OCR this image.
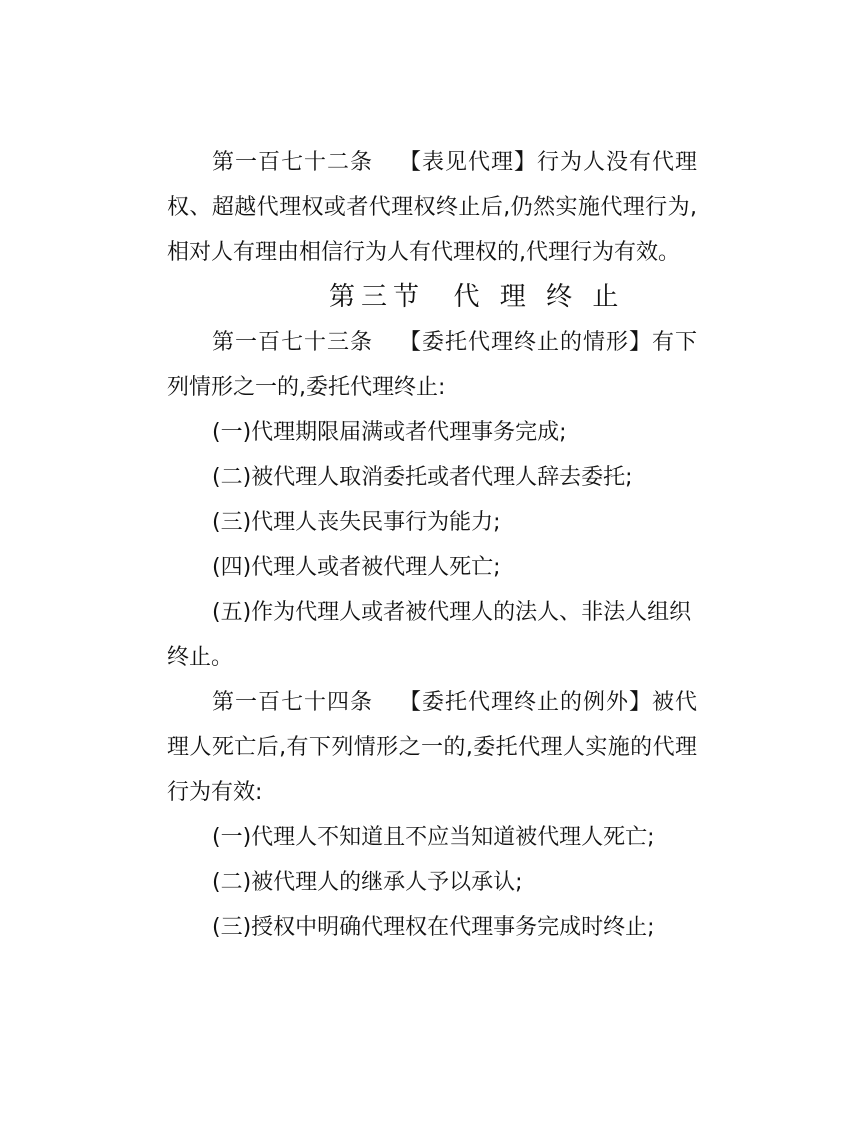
第一百七十二条 【表见代理】行为人没有代理权、超越代理权或者代理权终止后,仍然实施代理行为,相对人有理由相信行为人有代理权的,代理行为有效。

第三节 代 理 终 止

第一百七十三条 【委托代理终止的情形】有下列情形之一的,委托代理终止:

(一)代理期限届满或者代理事务完成;

(二)被代理人取消委托或者代理人辞去委托;

(三)代理人丧失民事行为能力;

(四)代理人或者被代理人死亡;

(五)作为代理人或者被代理人的法人、非法人组织终止。

第一百七十四条 【委托代理终止的例外】被代理人死亡后,有下列情形之一的,委托代理人实施的代理行为有效:

(一)代理人不知道且不应当知道被代理人死亡;

(二)被代理人的继承人予以承认;

(三)授权中明确代理权在代理事务完成时终止;
